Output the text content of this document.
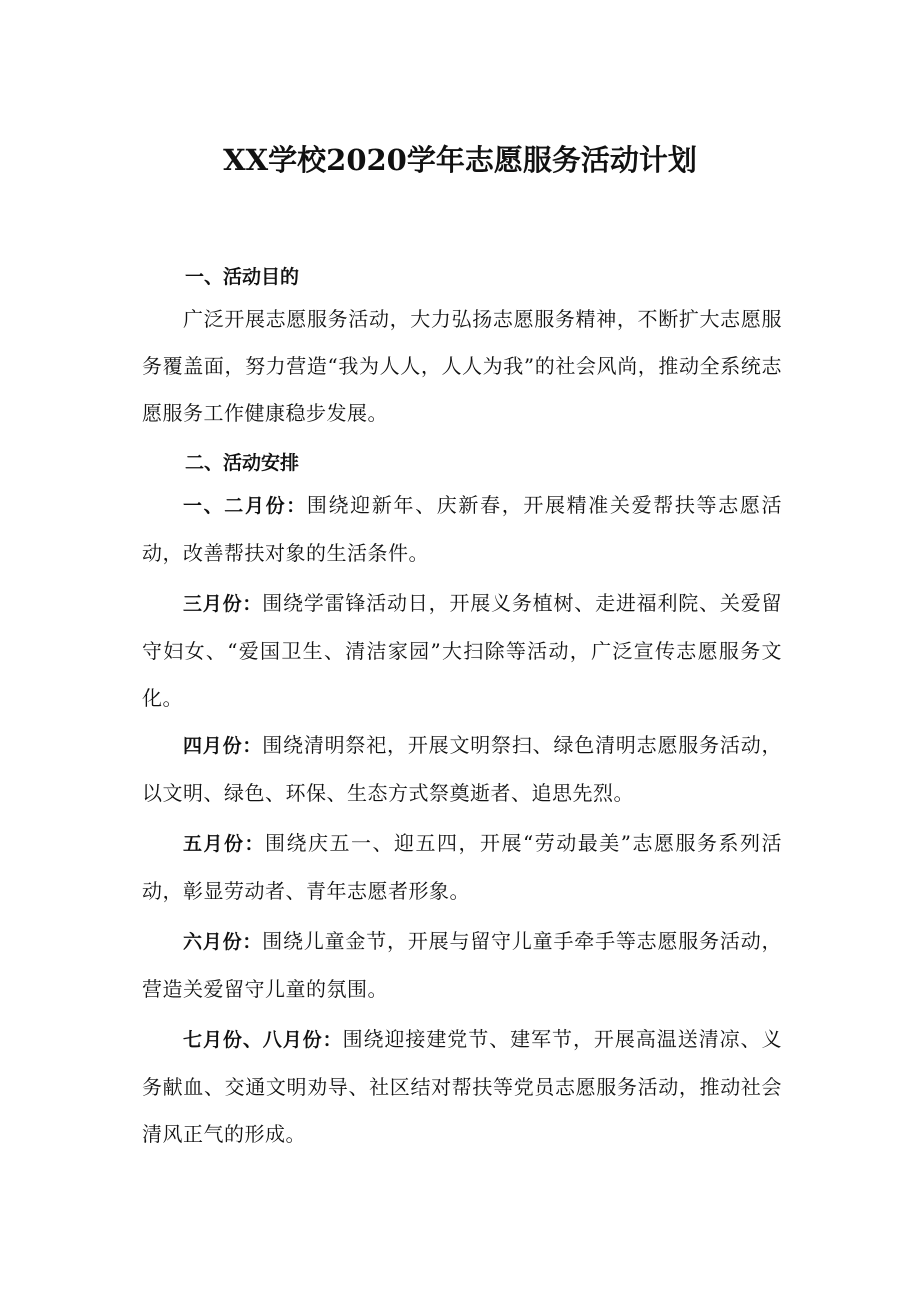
XX学校2020学年志愿服务活动计划
一、活动目的

广泛开展志愿服务活动，大力弘扬志愿服务精神，不断扩大志愿服务覆盖面，努力营造“我为人人，人人为我”的社会风尚，推动全系统志愿服务工作健康稳步发展。

二、活动安排

一、二月份：围绕迎新年、庆新春，开展精准关爱帮扶等志愿活动，改善帮扶对象的生活条件。

三月份：围绕学雷锋活动日，开展义务植树、走进福利院、关爱留守妇女、“爱国卫生、清洁家园”大扫除等活动，广泛宣传志愿服务文化。

四月份：围绕清明祭祀，开展文明祭扫、绿色清明志愿服务活动，以文明、绿色、环保、生态方式祭奠逝者、追思先烈。

五月份：围绕庆五一、迎五四，开展“劳动最美”志愿服务系列活动，彰显劳动者、青年志愿者形象。

六月份：围绕儿童金节，开展与留守儿童手牵手等志愿服务活动，营造关爱留守儿童的氛围。

七月份、八月份：围绕迎接建党节、建军节，开展高温送清凉、义务献血、交通文明劝导、社区结对帮扶等党员志愿服务活动，推动社会清风正气的形成。
